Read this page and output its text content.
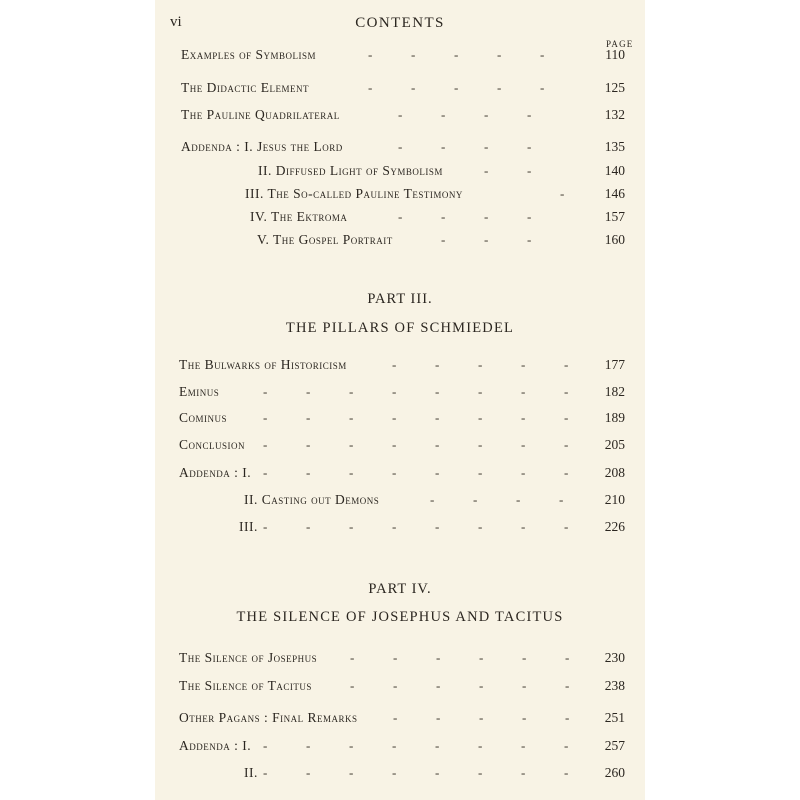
vi	CONTENTS
PAGE
Examples of Symbolism	-	-	-	-	-	110
The Didactic Element	-	-	-	-	-	125
The Pauline Quadrilateral	-	-	-	-	132
Addenda : I. Jesus the Lord	-	-	-	-	135
II. Diffused Light of Symbolism	-	-	140
III. The So-called Pauline Testimony	-	146
IV. The Ektroma	-	-	-	-	157
V. The Gospel Portrait	-	-	-	160
PART III.
THE PILLARS OF SCHMIEDEL
The Bulwarks of Historicism	-	-	-	-	-	177
Eminus	-	-	-	-	-	-	-	-	182
Cominus	-	-	-	-	-	-	-	-	189
Conclusion -	-	-	-	-	-	-	-	205
Addenda : I. -	-	-	-	-	-	-	-	208
II. Casting out Demons	-	-	-	-	210
III. -	-	-	-	-	-	-	-	226
PART IV.
THE SILENCE OF JOSEPHUS AND TACITUS
The Silence of Josephus	-	-	-	-	-	-	230
The Silence of Tacitus	-	-	-	-	-	-	238
Other Pagans : Final Remarks	-	-	-	-	-	251
Addenda : I. -	-	-	-	-	-	-	-	257
II. -	-	-	-	-	-	-	-	260
